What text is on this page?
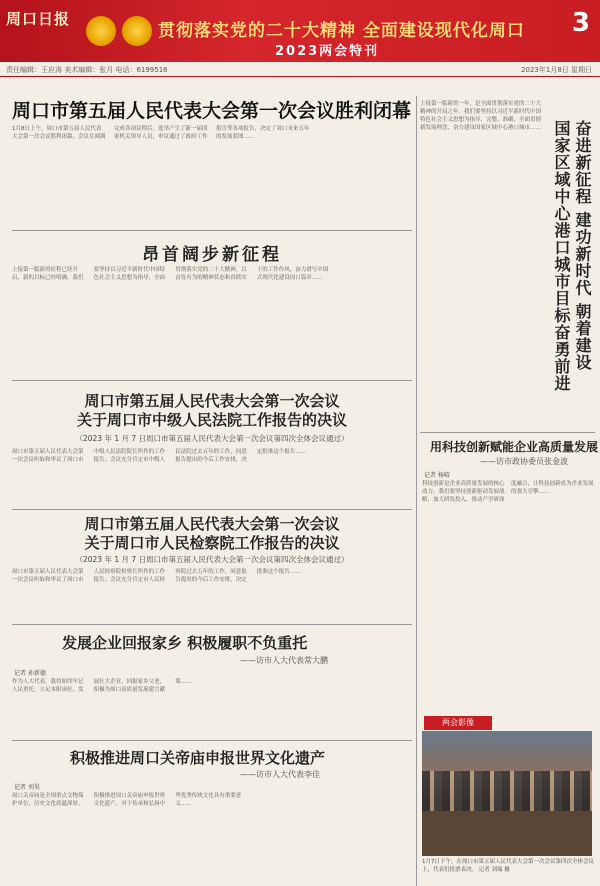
周口日报
贯彻落实党的二十大精神 全面建设现代化周口
2023两会特刊
3
责任编辑：王应涛 美术编辑：张月 电话：6199516	2023年1月8日 星期日
周口市第五届人民代表大会第一次会议胜利闭幕

1月8日上午，周口市第五届人民代表大会第一次会议胜利闭幕。会议在圆满完成各项议程后，选举产生了新一届国家机关领导人员，审议通过了政府工作报告等各项报告，决定了周口未来五年的发展蓝图……

昂首阔步新征程

上接第一版新的征程已经开启，新的目标已经明确。我们要坚持以习近平新时代中国特色社会主义思想为指导，全面贯彻落实党的二十大精神，以奋发有为的精神状态和真抓实干的工作作风，奋力谱写中国式现代化建设周口篇章……

上接第一版新的一年，是全面贯彻落实党的二十大精神的开局之年。我们要坚持以习近平新时代中国特色社会主义思想为指导，完整、准确、全面贯彻新发展理念，奋力建设国家区域中心港口城市…… 国家区域中心港口城市目标奋勇前进 奋进新征程 建功新时代 朝着建设
周口市第五届人民代表大会第一次会议
关于周口市中级人民法院工作报告的决议
（2023 年 1 月 7 日周口市第五届人民代表大会第一次会议第四次全体会议通过）

周口市第五届人民代表大会第一次会议听取和审议了周口市中级人民法院院长所作的工作报告。会议充分肯定市中级人民法院过去五年的工作，同意报告提出的今后工作安排，决定批准这个报告……

周口市第五届人民代表大会第一次会议
关于周口市人民检察院工作报告的决议
（2023 年 1 月 7 日周口市第五届人民代表大会第一次会议第四次全体会议通过）

周口市第五届人民代表大会第一次会议听取和审议了周口市人民检察院检察长所作的工作报告。会议充分肯定市人民检察院过去五年的工作，同意报告提出的今后工作安排，决定批准这个报告……

发展企业回报家乡 积极履职不负重托
——访市人大代表常大鹏
记者 孙新德

作为人大代表，我将始终牢记人民重托，立足本职岗位，发展壮大企业，回报家乡父老，积极为周口高质量发展建言献策……

积极推进周口关帝庙申报世界文化遗产
——访市人大代表李佳
记者 刘昊

周口关帝庙是全国重点文物保护单位，历史文化底蕴深厚。积极推进周口关帝庙申报世界文化遗产，对于传承和弘扬中华优秀传统文化具有重要意义……

用科技创新赋能企业高质量发展
——访市政协委员张金波
记者 杨晴

科技创新是企业高质量发展的核心动力。我们要坚持创新驱动发展战略，加大研发投入，推动产学研深度融合，让科技创新成为企业发展的强大引擎……

两会影像
1月7日下午，在周口市第五届人民代表大会第一次会议第四次全体会议上，代表们投票表决。 记者 刘瑞 摄
